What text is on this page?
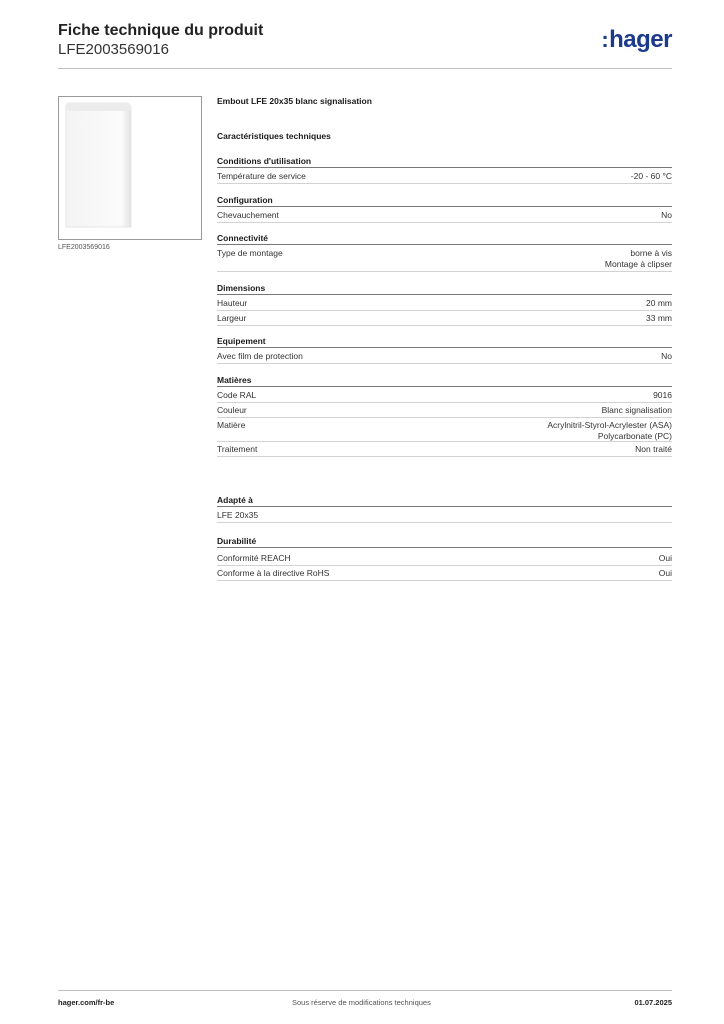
Fiche technique du produit
LFE2003569016	:hager
LFE2003569016
Embout LFE 20x35 blanc signalisation
Caractéristiques techniques
Conditions d'utilisation
Température de service	-20 - 60 °C
Configuration
Chevauchement	No
Connectivité
Type de montage	borne à vis
Montage à clipser
Dimensions
Hauteur	20 mm
Largeur	33 mm
Equipement
Avec film de protection	No
Matières
Code RAL	9016
Couleur	Blanc signalisation
Matière	Acrylnitril-Styrol-Acrylester (ASA)
Polycarbonate (PC)
Traitement	Non traité
Adapté à
LFE 20x35
Durabilité
Conformité REACH	Oui
Conforme à la directive RoHS	Oui
hager.com/fr-be	Sous réserve de modifications techniques	01.07.2025
